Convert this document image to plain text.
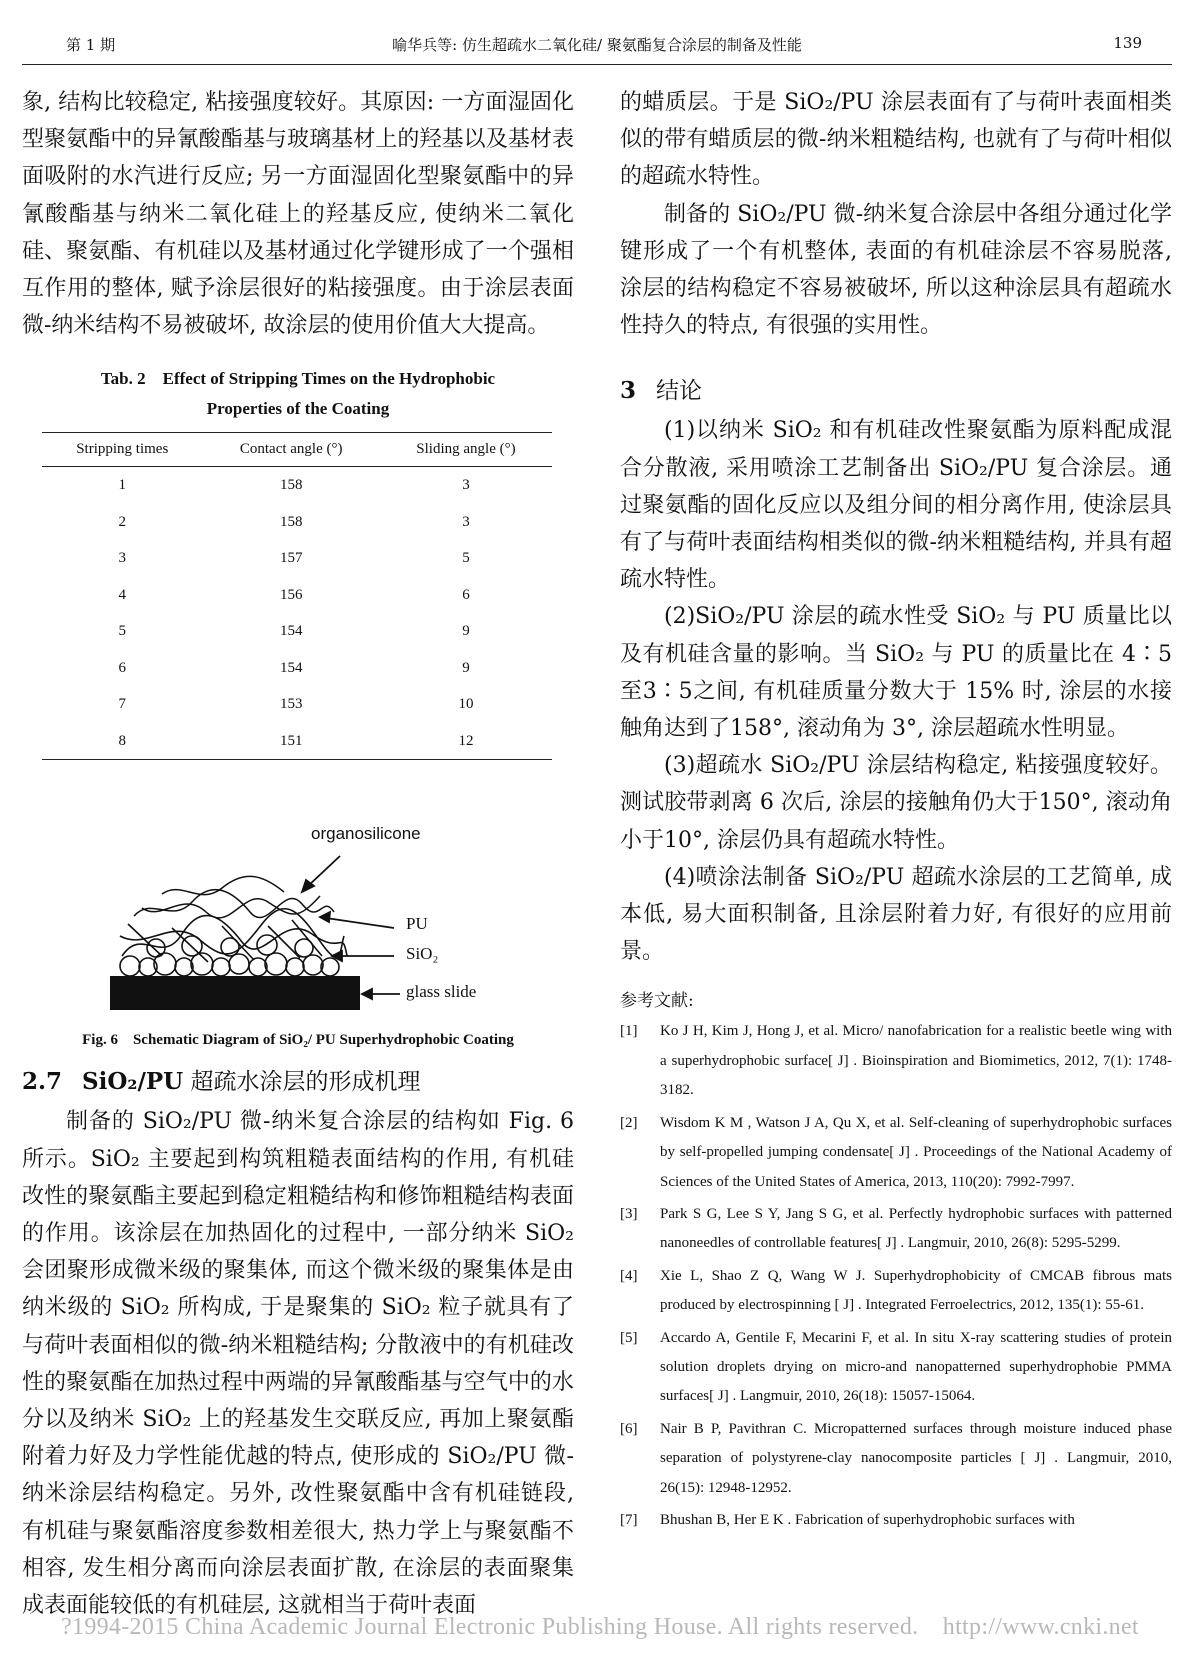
第 1 期	喻华兵等: 仿生超疏水二氧化硅/ 聚氨酯复合涂层的制备及性能	139

象, 结构比较稳定, 粘接强度较好。其原因: 一方面湿固化型聚氨酯中的异氰酸酯基与玻璃基材上的羟基以及基材表面吸附的水汽进行反应; 另一方面湿固化型聚氨酯中的异氰酸酯基与纳米二氧化硅上的羟基反应, 使纳米二氧化硅、聚氨酯、有机硅以及基材通过化学键形成了一个强相互作用的整体, 赋予涂层很好的粘接强度。由于涂层表面微-纳米结构不易被破坏, 故涂层的使用价值大大提高。

Tab. 2　Effect of Stripping Times on the Hydrophobic
Properties of the Coating
Stripping times	Contact angle (°)	Sliding angle (°)
1	158	3
2	158	3
3	157	5
4	156	6
5	154	9
6	154	9
7	153	10
8	151	12
organosilicone
PU
SiO₂
glass slide
Fig. 6　Schematic Diagram of SiO₂/ PU Superhydrophobic Coating
2.7 SiO₂/PU 超疏水涂层的形成机理

制备的 SiO₂/PU 微-纳米复合涂层的结构如 Fig. 6所示。SiO₂ 主要起到构筑粗糙表面结构的作用, 有机硅改性的聚氨酯主要起到稳定粗糙结构和修饰粗糙结构表面的作用。该涂层在加热固化的过程中, 一部分纳米 SiO₂ 会团聚形成微米级的聚集体, 而这个微米级的聚集体是由纳米级的 SiO₂ 所构成, 于是聚集的 SiO₂ 粒子就具有了与荷叶表面相似的微-纳米粗糙结构; 分散液中的有机硅改性的聚氨酯在加热过程中两端的异氰酸酯基与空气中的水分以及纳米 SiO₂ 上的羟基发生交联反应, 再加上聚氨酯附着力好及力学性能优越的特点, 使形成的 SiO₂/PU 微-纳米涂层结构稳定。另外, 改性聚氨酯中含有机硅链段, 有机硅与聚氨酯溶度参数相差很大, 热力学上与聚氨酯不相容, 发生相分离而向涂层表面扩散, 在涂层的表面聚集成表面能较低的有机硅层, 这就相当于荷叶表面

的蜡质层。于是 SiO₂/PU 涂层表面有了与荷叶表面相类似的带有蜡质层的微-纳米粗糙结构, 也就有了与荷叶相似的超疏水特性。

制备的 SiO₂/PU 微-纳米复合涂层中各组分通过化学键形成了一个有机整体, 表面的有机硅涂层不容易脱落, 涂层的结构稳定不容易被破坏, 所以这种涂层具有超疏水性持久的特点, 有很强的实用性。

3 结论

(1)以纳米 SiO₂ 和有机硅改性聚氨酯为原料配成混合分散液, 采用喷涂工艺制备出 SiO₂/PU 复合涂层。通过聚氨酯的固化反应以及组分间的相分离作用, 使涂层具有了与荷叶表面结构相类似的微-纳米粗糙结构, 并具有超疏水特性。

(2)SiO₂/PU 涂层的疏水性受 SiO₂ 与 PU 质量比以及有机硅含量的影响。当 SiO₂ 与 PU 的质量比在 4∶5至3∶5之间, 有机硅质量分数大于 15% 时, 涂层的水接触角达到了158°, 滚动角为 3°, 涂层超疏水性明显。

(3)超疏水 SiO₂/PU 涂层结构稳定, 粘接强度较好。测试胶带剥离 6 次后, 涂层的接触角仍大于150°, 滚动角小于10°, 涂层仍具有超疏水特性。

(4)喷涂法制备 SiO₂/PU 超疏水涂层的工艺简单, 成本低, 易大面积制备, 且涂层附着力好, 有很好的应用前景。

参考文献:
[1]	Ko J H, Kim J, Hong J, et al. Micro/ nanofabrication for a realistic beetle wing with a superhydrophobic surface[ J] . Bioinspiration and Biomimetics, 2012, 7(1): 1748-3182.
[2]	Wisdom K M , Watson J A, Qu X, et al. Self-cleaning of superhydrophobic surfaces by self-propelled jumping condensate[ J] . Proceedings of the National Academy of Sciences of the United States of America, 2013, 110(20): 7992-7997.
[3]	Park S G, Lee S Y, Jang S G, et al. Perfectly hydrophobic surfaces with patterned nanoneedles of controllable features[ J] . Langmuir, 2010, 26(8): 5295-5299.
[4]	Xie L, Shao Z Q, Wang W J. Superhydrophobicity of CMCAB fibrous mats produced by electrospinning [ J] . Integrated Ferroelectrics, 2012, 135(1): 55-61.
[5]	Accardo A, Gentile F, Mecarini F, et al. In situ X-ray scattering studies of protein solution droplets drying on micro-and nanopatterned superhydrophobie PMMA surfaces[ J] . Langmuir, 2010, 26(18): 15057-15064.
[6]	Nair B P, Pavithran C. Micropatterned surfaces through moisture induced phase separation of polystyrene-clay nanocomposite particles [ J] . Langmuir, 2010, 26(15): 12948-12952.
[7]	Bhushan B, Her E K . Fabrication of superhydrophobic surfaces with
?1994-2015 China Academic Journal Electronic Publishing House. All rights reserved.　http://www.cnki.net
